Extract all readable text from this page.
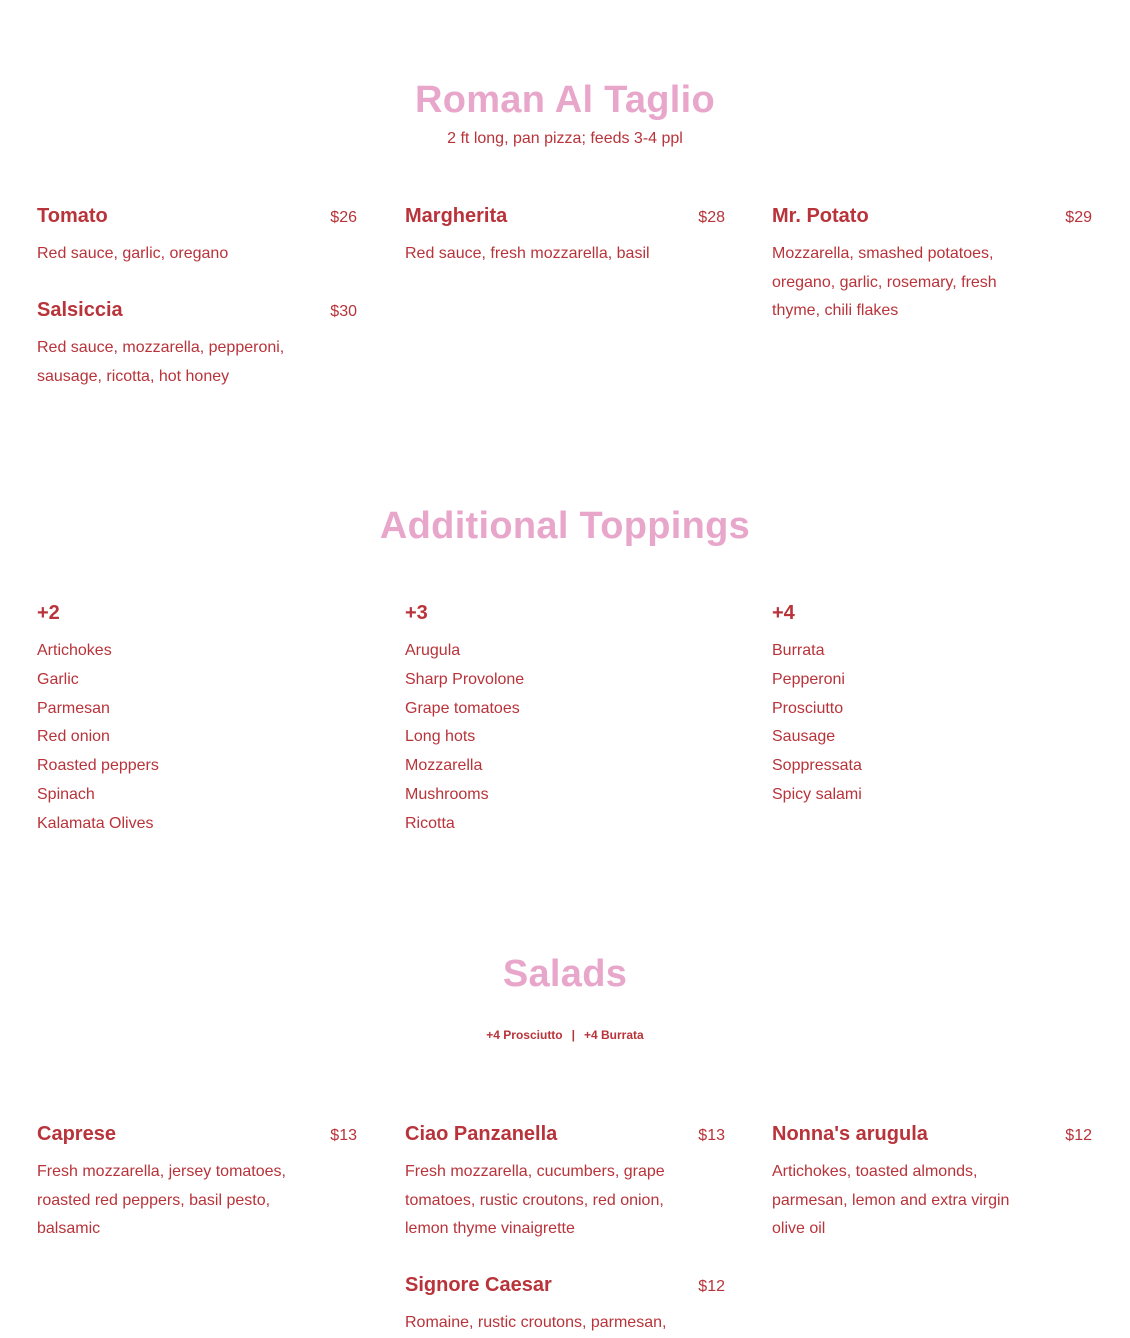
Roman Al Taglio
2 ft long, pan pizza; feeds 3-4 ppl
Tomato	$26
Red sauce, garlic, oregano
Margherita	$28
Red sauce, fresh mozzarella, basil
Mr. Potato	$29
Mozzarella, smashed potatoes, oregano, garlic, rosemary, fresh thyme, chili flakes
Salsiccia	$30
Red sauce, mozzarella, pepperoni, sausage, ricotta, hot honey
Additional Toppings
+2
Artichokes
Garlic
Parmesan
Red onion
Roasted peppers
Spinach
Kalamata Olives
+3
Arugula
Sharp Provolone
Grape tomatoes
Long hots
Mozzarella
Mushrooms
Ricotta
+4
Burrata
Pepperoni
Prosciutto
Sausage
Soppressata
Spicy salami
Salads
+4 Prosciutto | +4 Burrata
Caprese	$13
Fresh mozzarella, jersey tomatoes, roasted red peppers, basil pesto, balsamic
Ciao Panzanella	$13
Fresh mozzarella, cucumbers, grape tomatoes, rustic croutons, red onion, lemon thyme vinaigrette
Nonna's arugula	$12
Artichokes, toasted almonds, parmesan, lemon and extra virgin olive oil
Signore Caesar	$12
Romaine, rustic croutons, parmesan,
